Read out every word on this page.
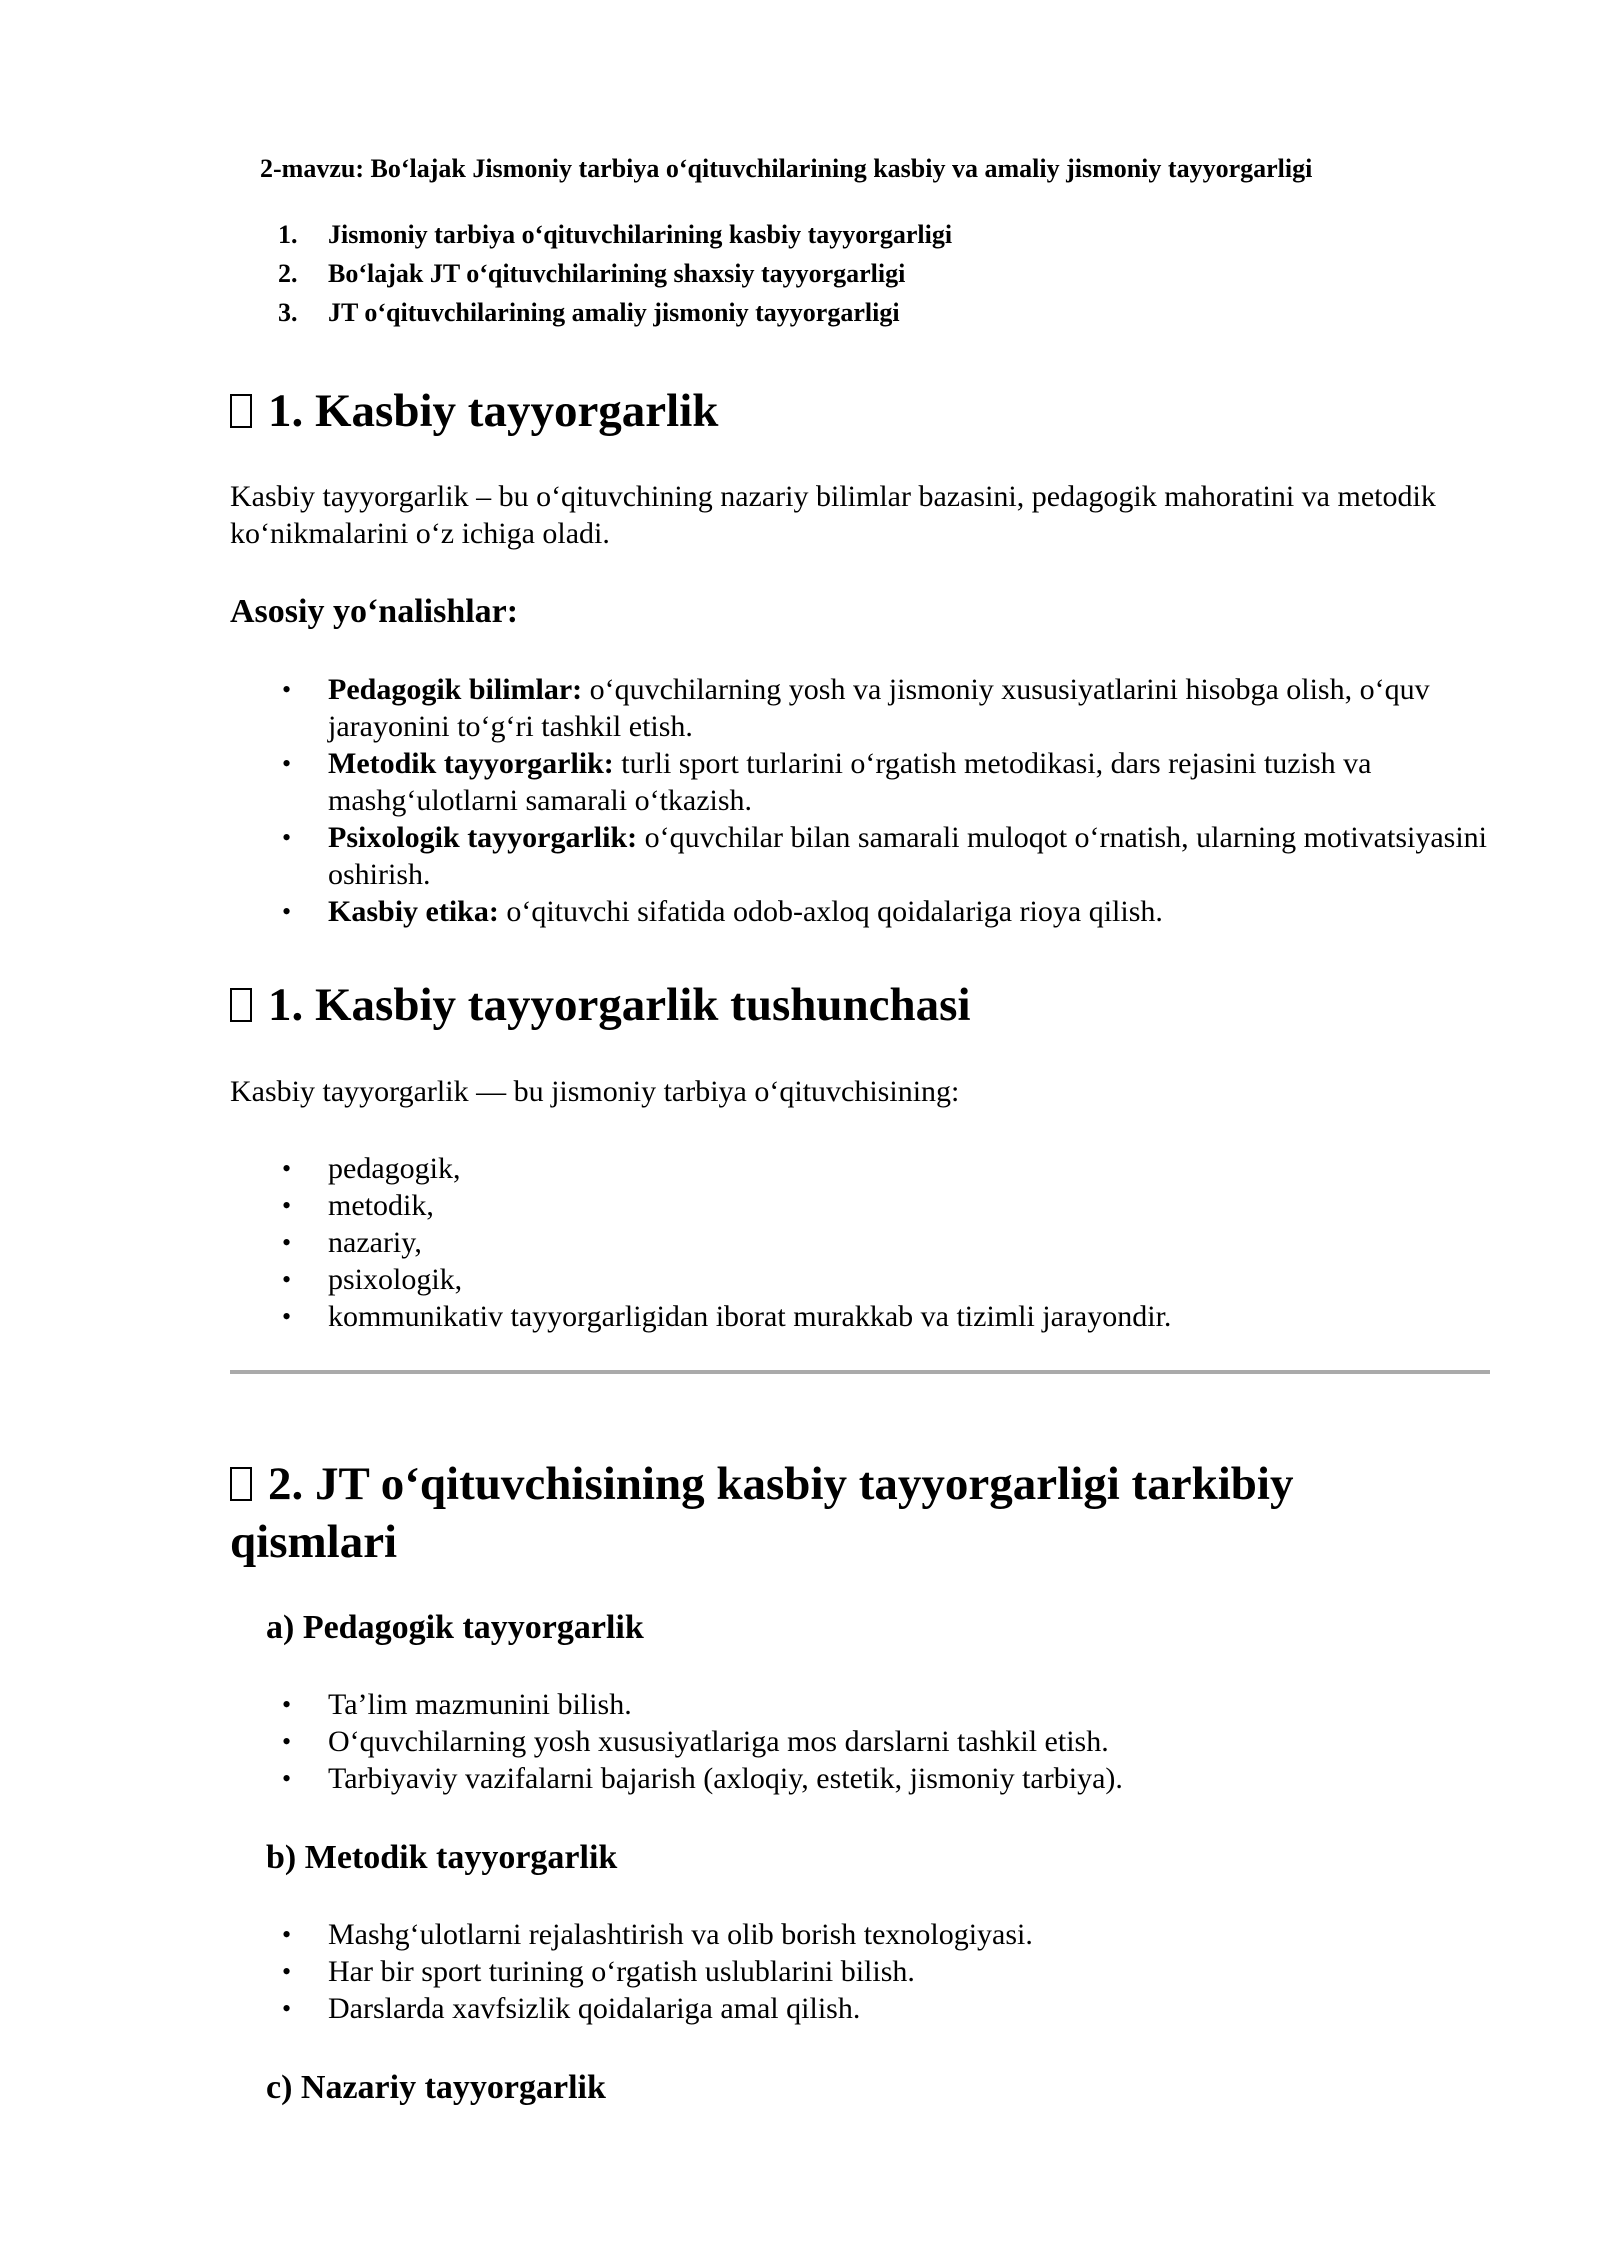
2-mavzu: Bo‘lajak Jismoniy tarbiya o‘qituvchilarining kasbiy va amaliy jismoniy tayyorgarligi
1. Jismoniy tarbiya o‘qituvchilarining kasbiy tayyorgarligi
2. Bo‘lajak JT o‘qituvchilarining shaxsiy tayyorgarligi
3. JT o‘qituvchilarining amaliy jismoniy tayyorgarligi
1. Kasbiy tayyorgarlik

Kasbiy tayyorgarlik – bu o‘qituvchining nazariy bilimlar bazasini, pedagogik mahoratini va metodik ko‘nikmalarini o‘z ichiga oladi.

Asosiy yo‘nalishlar:
• Pedagogik bilimlar: o‘quvchilarning yosh va jismoniy xususiyatlarini hisobga olish, o‘quv jarayonini to‘g‘ri tashkil etish.
• Metodik tayyorgarlik: turli sport turlarini o‘rgatish metodikasi, dars rejasini tuzish va mashg‘ulotlarni samarali o‘tkazish.
• Psixologik tayyorgarlik: o‘quvchilar bilan samarali muloqot o‘rnatish, ularning motivatsiyasini oshirish.
• Kasbiy etika: o‘qituvchi sifatida odob-axloq qoidalariga rioya qilish.
1. Kasbiy tayyorgarlik tushunchasi

Kasbiy tayyorgarlik — bu jismoniy tarbiya o‘qituvchisining:

• pedagogik,
• metodik,
• nazariy,
• psixologik,
• kommunikativ tayyorgarligidan iborat murakkab va tizimli jarayondir.
2. JT o‘qituvchisining kasbiy tayyorgarligi tarkibiy
qismlari
a) Pedagogik tayyorgarlik
• Ta’lim mazmunini bilish.
• O‘quvchilarning yosh xususiyatlariga mos darslarni tashkil etish.
• Tarbiyaviy vazifalarni bajarish (axloqiy, estetik, jismoniy tarbiya).
b) Metodik tayyorgarlik
• Mashg‘ulotlarni rejalashtirish va olib borish texnologiyasi.
• Har bir sport turining o‘rgatish uslublarini bilish.
• Darslarda xavfsizlik qoidalariga amal qilish.
c) Nazariy tayyorgarlik
